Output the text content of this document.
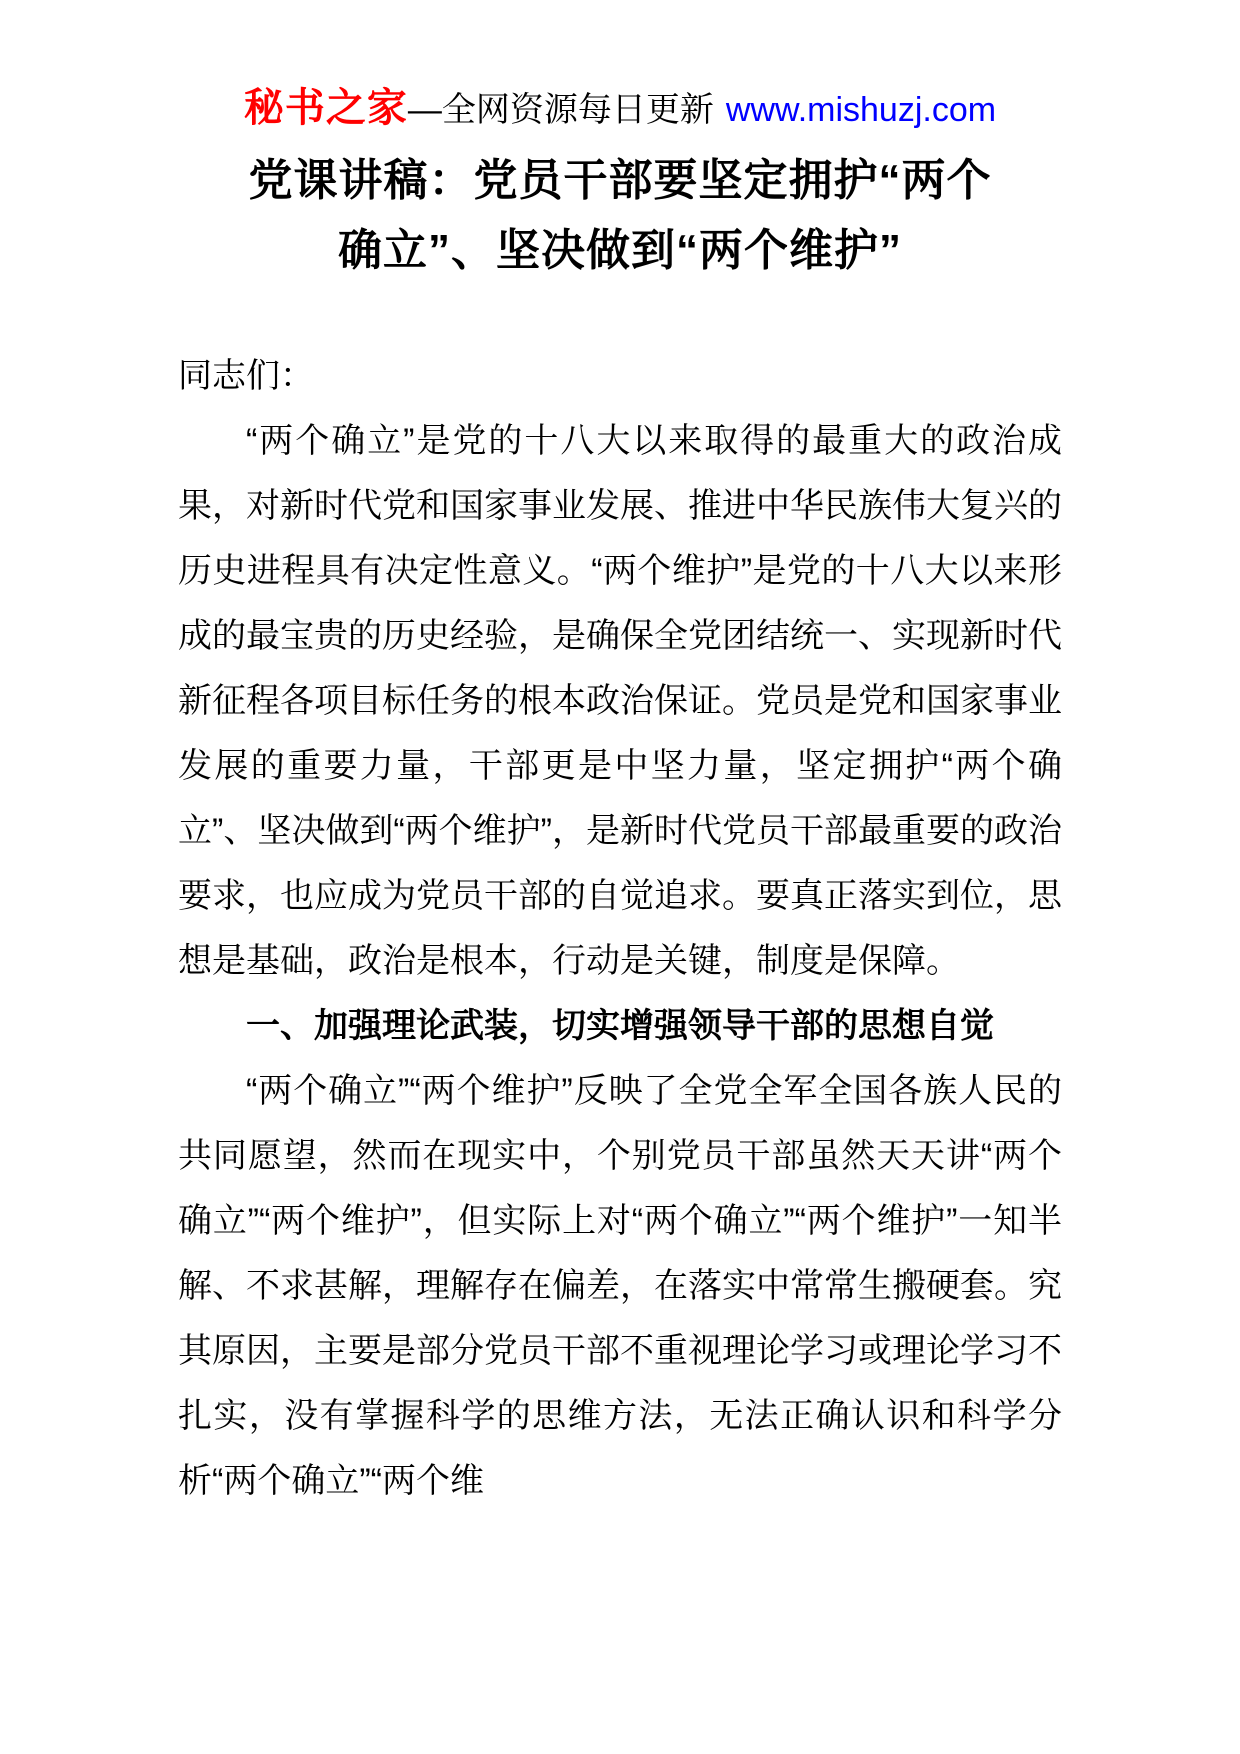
秘书之家—全网资源每日更新 www.mishuzj.com
党课讲稿：党员干部要坚定拥护“两个确立”、坚决做到“两个维护”

同志们：

“两个确立”是党的十八大以来取得的最重大的政治成果，对新时代党和国家事业发展、推进中华民族伟大复兴的历史进程具有决定性意义。“两个维护”是党的十八大以来形成的最宝贵的历史经验，是确保全党团结统一、实现新时代新征程各项目标任务的根本政治保证。党员是党和国家事业发展的重要力量，干部更是中坚力量，坚定拥护“两个确立”、坚决做到“两个维护”，是新时代党员干部最重要的政治要求，也应成为党员干部的自觉追求。要真正落实到位，思想是基础，政治是根本，行动是关键，制度是保障。

一、加强理论武装，切实增强领导干部的思想自觉

“两个确立”“两个维护”反映了全党全军全国各族人民的共同愿望，然而在现实中，个别党员干部虽然天天讲“两个确立”“两个维护”，但实际上对“两个确立”“两个维护”一知半解、不求甚解，理解存在偏差，在落实中常常生搬硬套。究其原因，主要是部分党员干部不重视理论学习或理论学习不扎实，没有掌握科学的思维方法，无法正确认识和科学分析“两个确立”“两个维
